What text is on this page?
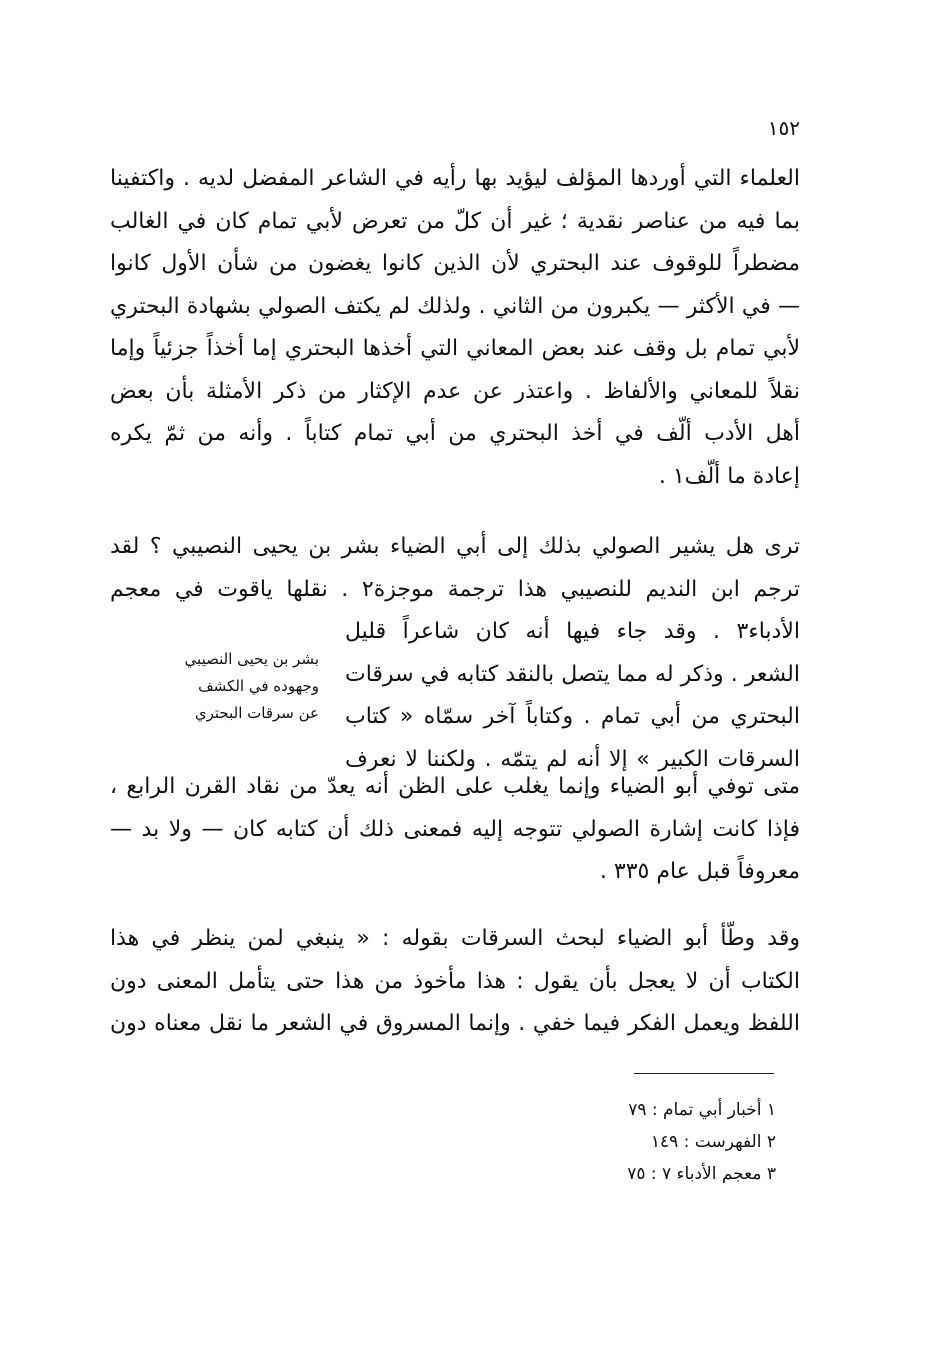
١٥٢
العلماء التي أوردها المؤلف ليؤيد بها رأيه في الشاعر المفضل لديه . واكتفينا
بما فيه من عناصر نقدية ؛ غير أن كلّ من تعرض لأبي تمام كان في الغالب
مضطراً للوقوف عند البحتري لأن الذين كانوا يغضون من شأن الأول كانوا
— في الأكثر — يكبرون من الثاني . ولذلك لم يكتف الصولي بشهادة البحتري
لأبي تمام بل وقف عند بعض المعاني التي أخذها البحتري إما أخذاً جزئياً وإما
نقلاً للمعاني والألفاظ . واعتذر عن عدم الإكثار من ذكر الأمثلة بأن بعض
أهل الأدب ألّف في أخذ البحتري من أبي تمام كتاباً . وأنه من ثمّ يكره
إعادة ما ألّف١ .
ترى هل يشير الصولي بذلك إلى أبي الضياء بشر بن يحيى النصيبي ؟ لقد
ترجم ابن النديم للنصيبي هذا ترجمة موجزة٢ . نقلها ياقوت في معجم
الأدباء٣ . وقد جاء فيها أنه كان شاعراً قليل
الشعر . وذكر له مما يتصل بالنقد كتابه في سرقات
البحتري من أبي تمام . وكتاباً آخر سمّاه « كتاب
السرقات الكبير » إلا أنه لم يتمّه . ولكننا لا نعرف
بشر بن يحيى النصيبي
وجهوده في الكشف
عن سرقات البحتري
متى توفي أبو الضياء وإنما يغلب على الظن أنه يعدّ من نقاد القرن الرابع ،
فإذا كانت إشارة الصولي تتوجه إليه فمعنى ذلك أن كتابه كان — ولا بد —
معروفاً قبل عام ٣٣٥ .
وقد وطّأ أبو الضياء لبحث السرقات بقوله : « ينبغي لمن ينظر في هذا
الكتاب أن لا يعجل بأن يقول : هذا مأخوذ من هذا حتى يتأمل المعنى دون
اللفظ ويعمل الفكر فيما خفي . وإنما المسروق في الشعر ما نقل معناه دون
١ أخبار أبي تمام : ٧٩
٢ الفهرست : ١٤٩
٣ معجم الأدباء ٧ : ٧٥
